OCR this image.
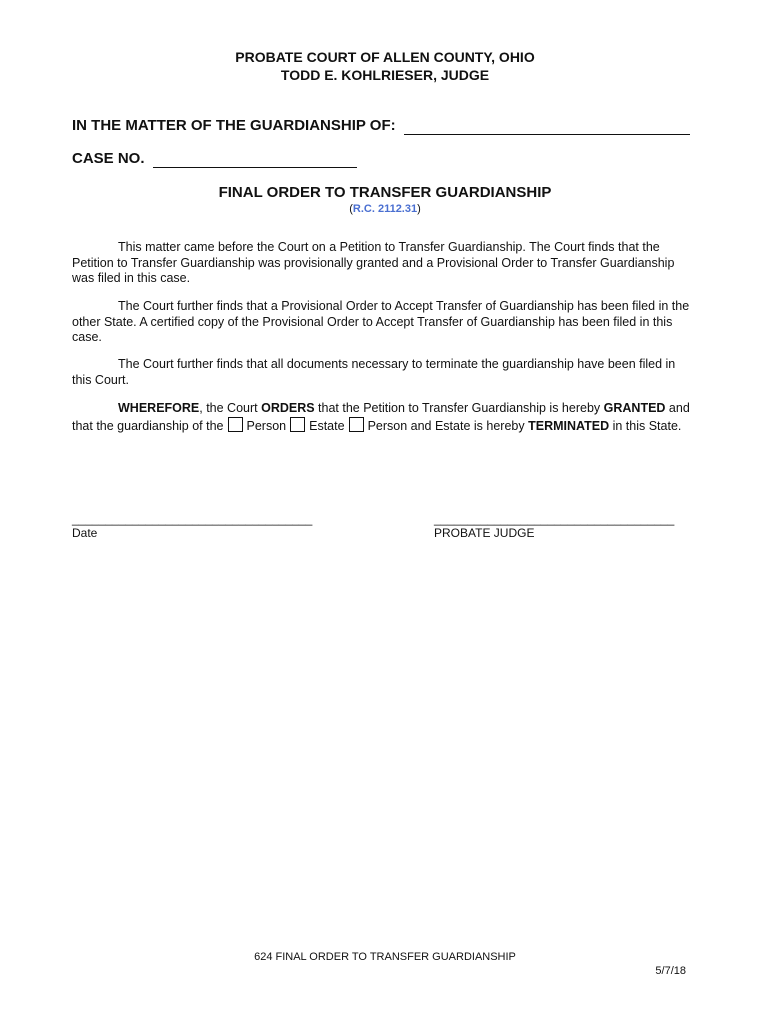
PROBATE COURT OF ALLEN COUNTY, OHIO
TODD E. KOHLRIESER, JUDGE
IN THE MATTER OF THE GUARDIANSHIP OF:
CASE NO.
FINAL ORDER TO TRANSFER GUARDIANSHIP
(R.C. 2112.31)
This matter came before the Court on a Petition to Transfer Guardianship. The Court finds that the Petition to Transfer Guardianship was provisionally granted and a Provisional Order to Transfer Guardianship was filed in this case.
The Court further finds that a Provisional Order to Accept Transfer of Guardianship has been filed in the other State. A certified copy of the Provisional Order to Accept Transfer of Guardianship has been filed in this case.
The Court further finds that all documents necessary to terminate the guardianship have been filed in this Court.
WHEREFORE, the Court ORDERS that the Petition to Transfer Guardianship is hereby GRANTED and that the guardianship of the Person Estate Person and Estate is hereby TERMINATED in this State.
____________________________________
Date
____________________________________
PROBATE JUDGE
624 FINAL ORDER TO TRANSFER GUARDIANSHIP
5/7/18
